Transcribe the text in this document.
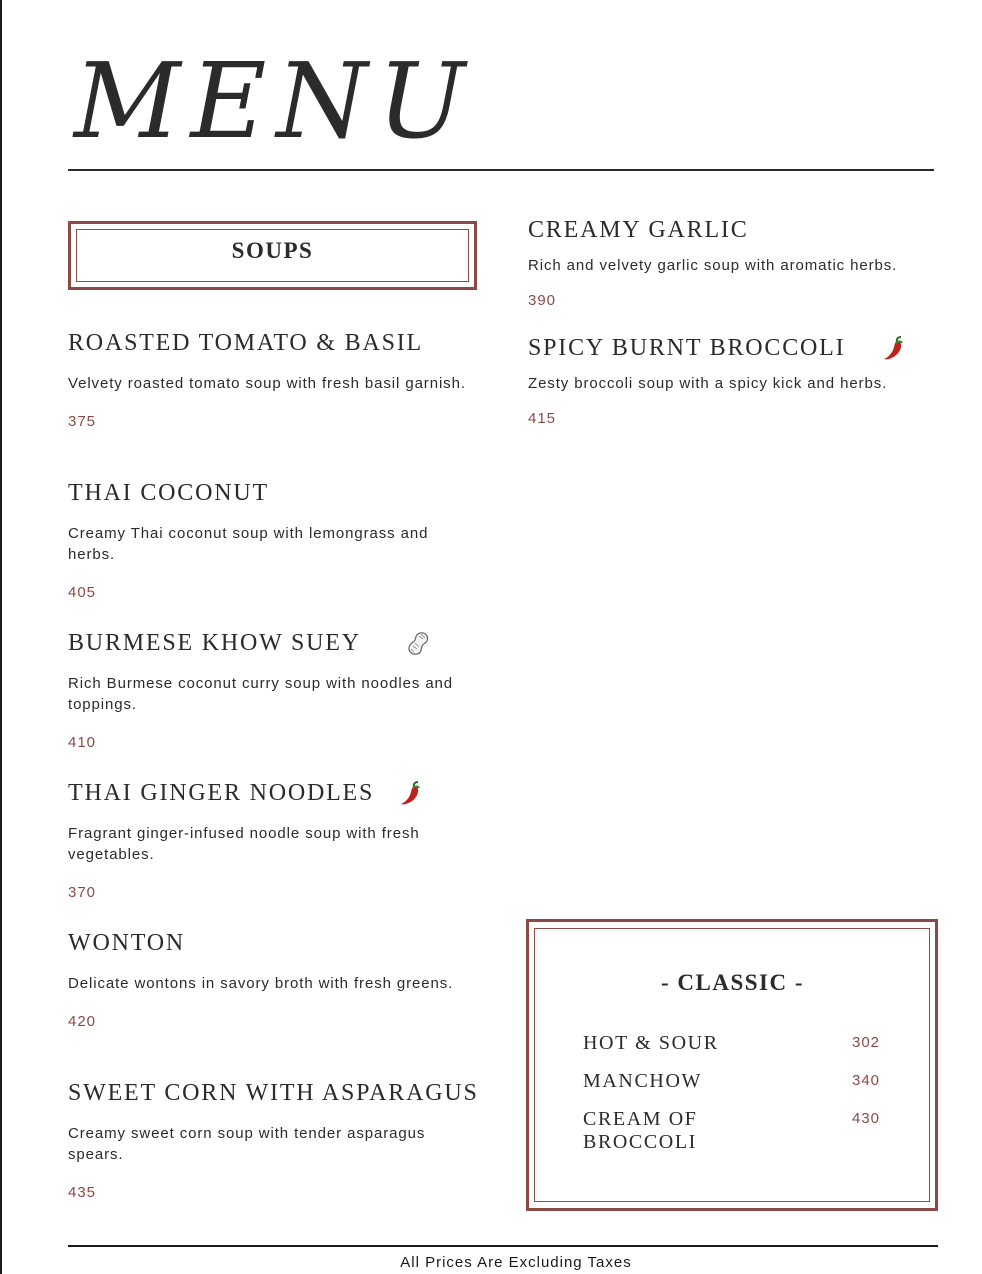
MENU
SOUPS
ROASTED TOMATO & BASIL
Velvety roasted tomato soup with fresh basil garnish.
375
THAI COCONUT
Creamy Thai coconut soup with lemongrass and herbs.
405
BURMESE KHOW SUEY
Rich Burmese coconut curry soup with noodles and toppings.
410
THAI GINGER NOODLES
Fragrant ginger-infused noodle soup with fresh vegetables.
370
WONTON
Delicate wontons in savory broth with fresh greens.
420
SWEET CORN WITH ASPARAGUS
Creamy sweet corn soup with tender asparagus spears.
435
CREAMY GARLIC
Rich and velvety garlic soup with aromatic herbs.
390
SPICY BURNT BROCCOLI
Zesty broccoli soup with a spicy kick and herbs.
415
- CLASSIC -
HOT & SOUR	302
MANCHOW	340
CREAM OF BROCCOLI
430
All Prices Are Excluding Taxes
